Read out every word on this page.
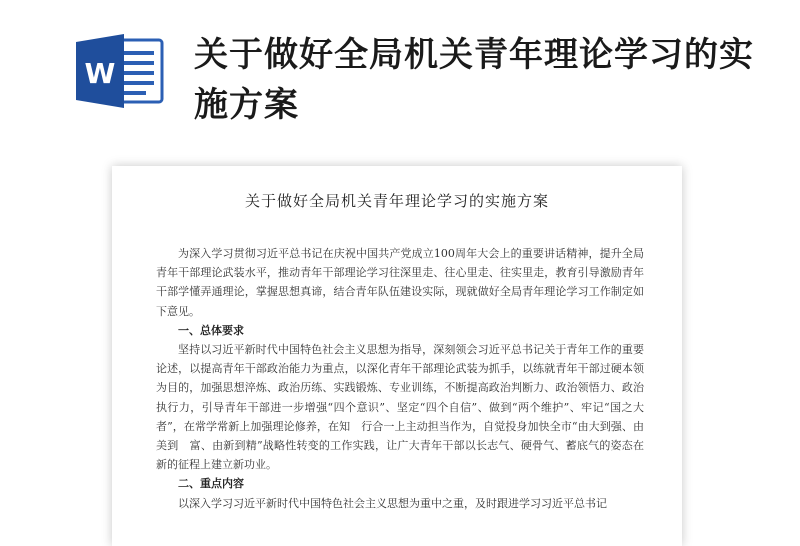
W 关于做好全局机关青年理论学习的实施方案
关于做好全局机关青年理论学习的实施方案

为深入学习贯彻习近平总书记在庆祝中国共产党成立100周年大会上的重要讲话精神，提升全局青年干部理论武装水平，推动青年干部理论学习往深里走、往心里走、往实里走，教育引导激励青年干部学懂弄通理论，掌握思想真谛，结合青年队伍建设实际，现就做好全局青年理论学习工作制定如下意见。

一、总体要求

坚持以习近平新时代中国特色社会主义思想为指导，深刻领会习近平总书记关于青年工作的重要论述，以提高青年干部政治能力为重点，以深化青年干部理论武装为抓手，以练就青年干部过硬本领为目的，加强思想淬炼、政治历练、实践锻炼、专业训练，不断提高政治判断力、政治领悟力、政治执行力，引导青年干部进一步增强“四个意识”、坚定“四个自信”、做到“两个维护”、牢记“国之大者”，在常学常新上加强理论修养，在知　行合一上主动担当作为，自觉投身加快全市“由大到强、由美到　富、由新到精”战略性转变的工作实践，让广大青年干部以长志气、硬骨气、蓄底气的姿态在新的征程上建立新功业。

二、重点内容

以深入学习习近平新时代中国特色社会主义思想为重中之重，及时跟进学习习近平总书记
